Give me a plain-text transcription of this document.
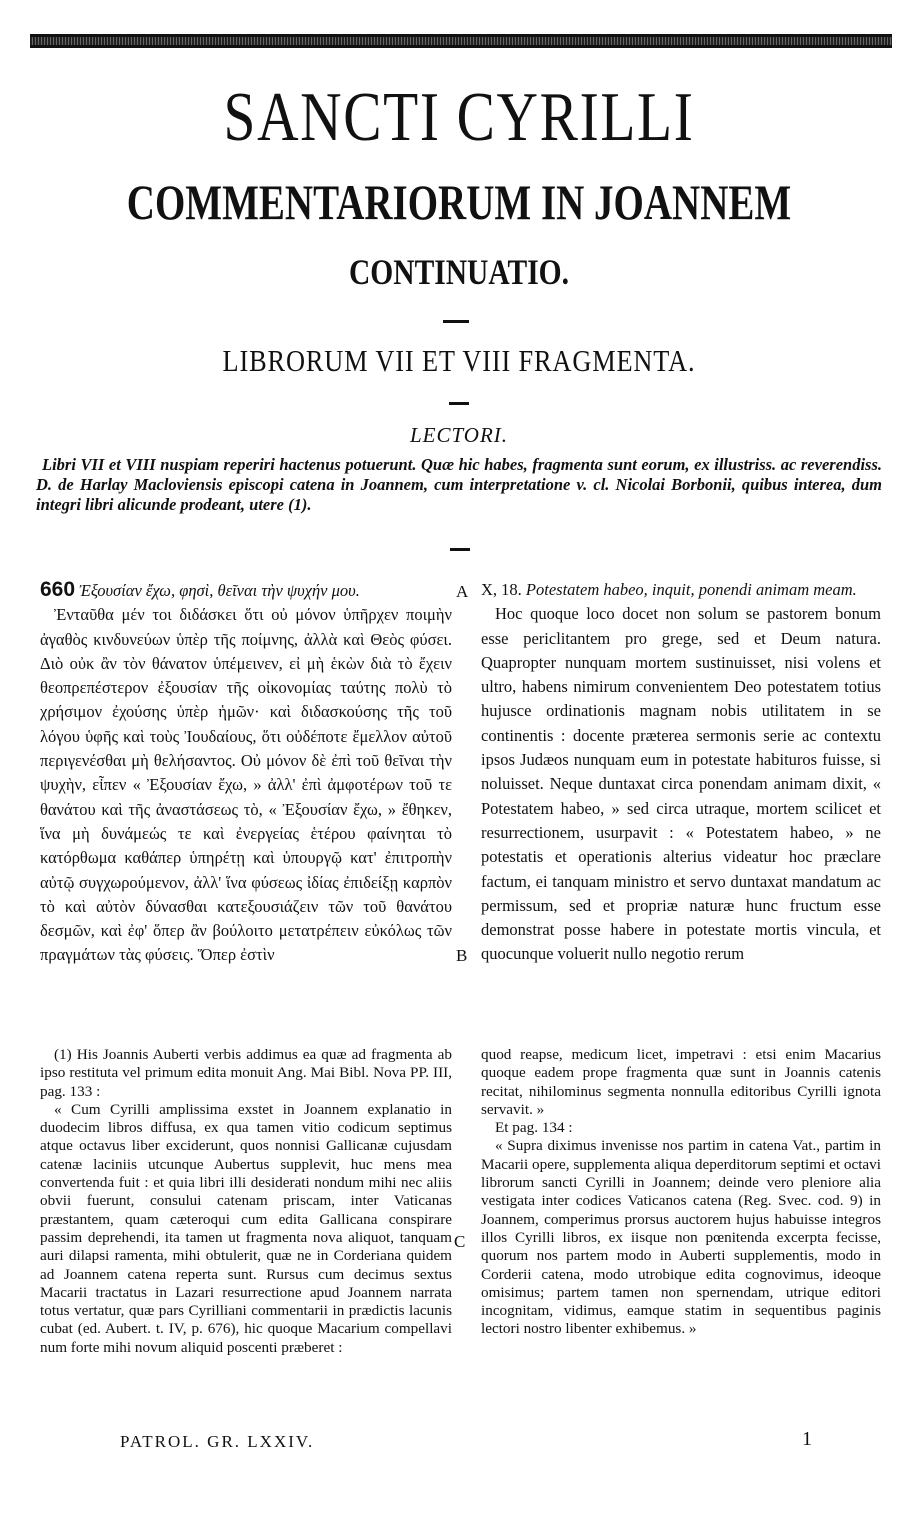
SANCTI CYRILLI
COMMENTARIORUM IN JOANNEM
CONTINUATIO.
LIBRORUM VII ET VIII FRAGMENTA.
LECTORI.
Libri VII et VIII nuspiam reperiri hactenus potuerunt. Quæ hic habes, fragmenta sunt eorum, ex illustriss. ac reverendiss. D. de Harlay Macloviensis episcopi catena in Joannem, cum interpretatione v. cl. Nicolai Borbonii, quibus interea, dum integri libri alicunde prodeant, utere (1).

660 Ἐξουσίαν ἔχω, φησὶ, θεῖναι τὴν ψυχήν μου.

Ἐνταῦθα μέν τοι διδάσκει ὅτι οὐ μόνον ὑπῆρχεν ποιμὴν ἀγαθὸς κινδυνεύων ὑπὲρ τῆς ποίμνης, ἀλλὰ καὶ Θεὸς φύσει. Διὸ οὐκ ἂν τὸν θάνατον ὑπέμεινεν, εἰ μὴ ἑκὼν διὰ τὸ ἔχειν θεοπρεπέστερον ἐξουσίαν τῆς οἰκονομίας ταύτης πολὺ τὸ χρήσιμον ἐχούσης ὑπὲρ ἡμῶν· καὶ διδασκούσης τῆς τοῦ λόγου ὑφῆς καὶ τοὺς Ἰουδαίους, ὅτι οὐδέποτε ἔμελλον αὐτοῦ περιγενέσθαι μὴ θελήσαντος. Οὐ μόνον δὲ ἐπὶ τοῦ θεῖναι τὴν ψυχὴν, εἶπεν « Ἐξουσίαν ἔχω, » ἀλλ' ἐπὶ ἀμφοτέρων τοῦ τε θανάτου καὶ τῆς ἀναστάσεως τὸ, « Ἐξουσίαν ἔχω, » ἔθηκεν, ἵνα μὴ δυνάμεώς τε καὶ ἐνεργείας ἑτέρου φαίνηται τὸ κατόρθωμα καθάπερ ὑπηρέτῃ καὶ ὑπουργῷ κατ' ἐπιτροπὴν αὐτῷ συγχωρούμενον, ἀλλ' ἵνα φύσεως ἰδίας ἐπιδείξῃ καρπὸν τὸ καὶ αὐτὸν δύνασθαι κατεξουσιάζειν τῶν τοῦ θανάτου δεσμῶν, καὶ ἐφ' ὅπερ ἂν βούλοιτο μετατρέπειν εὐκόλως τῶν πραγμάτων τὰς φύσεις. Ὅπερ ἐστὶν

A
B
C

X, 18. Potestatem habeo, inquit, ponendi animam meam.

Hoc quoque loco docet non solum se pastorem bonum esse periclitantem pro grege, sed et Deum natura. Quapropter nunquam mortem sustinuisset, nisi volens et ultro, habens nimirum convenientem Deo potestatem totius hujusce ordinationis magnam nobis utilitatem in se continentis : docente præterea sermonis serie ac contextu ipsos Judæos nunquam eum in potestate habituros fuisse, si noluisset. Neque duntaxat circa ponendam animam dixit, « Potestatem habeo, » sed circa utraque, mortem scilicet et resurrectionem, usurpavit : « Potestatem habeo, » ne potestatis et operationis alterius videatur hoc præclare factum, ei tanquam ministro et servo duntaxat mandatum ac permissum, sed et propriæ naturæ hunc fructum esse demonstrat posse habere in potestate mortis vincula, et quocunque voluerit nullo negotio rerum

(1) His Joannis Auberti verbis addimus ea quæ ad fragmenta ab ipso restituta vel primum edita monuit Ang. Mai Bibl. Nova PP. III, pag. 133 :

« Cum Cyrilli amplissima exstet in Joannem explanatio in duodecim libros diffusa, ex qua tamen vitio codicum septimus atque octavus liber exciderunt, quos nonnisi Gallicanæ cujusdam catenæ laciniis utcunque Aubertus supplevit, huc mens mea convertenda fuit : et quia libri illi desiderati nondum mihi nec aliis obvii fuerunt, consului catenam priscam, inter Vaticanas præstantem, quam cæteroqui cum edita Gallicana conspirare passim deprehendi, ita tamen ut fragmenta nova aliquot, tanquam auri dilapsi ramenta, mihi obtulerit, quæ ne in Corderiana quidem ad Joannem catena reperta sunt. Rursus cum decimus sextus Macarii tractatus in Lazari resurrectione apud Joannem narrata totus vertatur, quæ pars Cyrilliani commentarii in prædictis lacunis cubat (ed. Aubert. t. IV, p. 676), hic quoque Macarium compellavi num forte mihi novum aliquid poscenti præberet :

quod reapse, medicum licet, impetravi : etsi enim Macarius quoque eadem prope fragmenta quæ sunt in Joannis catenis recitat, nihilominus segmenta nonnulla editoribus Cyrilli ignota servavit. »

Et pag. 134 :

« Supra diximus invenisse nos partim in catena Vat., partim in Macarii opere, supplementa aliqua deperditorum septimi et octavi librorum sancti Cyrilli in Joannem; deinde vero pleniore alia vestigata inter codices Vaticanos catena (Reg. Svec. cod. 9) in Joannem, comperimus prorsus auctorem hujus habuisse integros illos Cyrilli libros, ex iisque non pœnitenda excerpta fecisse, quorum nos partem modo in Auberti supplementis, modo in Corderii catena, modo utrobique edita cognovimus, ideoque omisimus; partem tamen non spernendam, utrique editori incognitam, vidimus, eamque statim in sequentibus paginis lectori nostro libenter exhibemus. »

PATROL. GR. LXXIV.	1
